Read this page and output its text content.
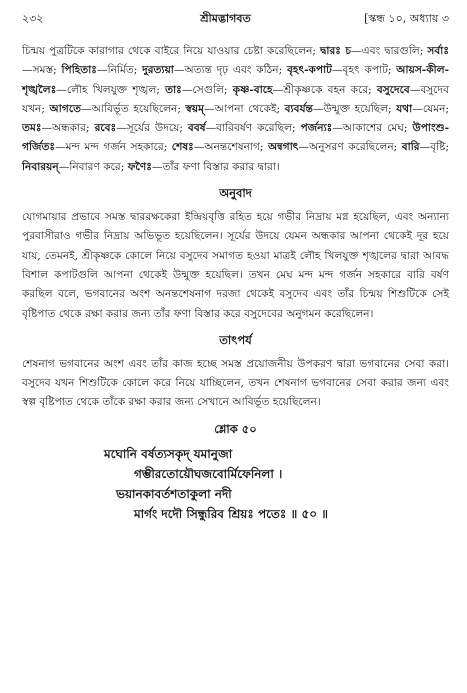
২৩২	শ্রীমদ্ভাগবত	[স্কন্ধ ১০, অধ্যায় ৩
চিন্ময় পুত্রটিকে কারাগার থেকে বাইরে নিয়ে যাওয়ার চেষ্টা করেছিলেন; দ্বারঃ চ—এবং দ্বারগুলি; সর্বাঃ—সমস্ত; পিহিতাঃ—নির্মিত; দুরত্যয়া—অত্যন্ত দৃঢ় এবং কঠিন; বৃহৎ-কপাট—বৃহৎ কপাট; আয়স-কীল-শৃঙ্খলৈঃ—লৌহ খিলযুক্ত শৃঙ্খল; তাঃ—সেগুলি; কৃষ্ণ-বাহে—শ্রীকৃষ্ণকে বহন করে; বসুদেবে—বসুদেব যখন; আগতে—আবির্ভূত হয়েছিলেন; স্বয়ম্—আপনা থেকেই; ব্যবর্যন্ত—উন্মুক্ত হয়েছিল; যথা—যেমন; তমঃ—অন্ধকার; রবেঃ—সূর্যের উদয়ে; ববর্ষ—বারিবর্ষণ করেছিল; পর্জন্যঃ—আকাশের মেঘ; উপাংশু-গর্জিতঃ—মন্দ মন্দ গর্জন সহকারে; শেষঃ—অনন্তশেষনাগ; অন্বগাৎ—অনুসরণ করেছিলেন; বারি—বৃষ্টি; নিবারয়ন্—নিবারণ করে; ফণৈঃ—তাঁর ফণা বিস্তার করার দ্বারা।
অনুবাদ
যোগমায়ার প্রভাবে সমস্ত দ্বাররক্ষকেরা ইন্দ্রিয়বৃত্তি রহিত হয়ে গভীর নিদ্রায় মগ্ন হয়েছিল, এবং অন্যান্য পুরবাসীরাও গভীর নিদ্রায় অভিভূত হয়েছিলেন। সূর্যের উদয়ে যেমন অন্ধকার আপনা থেকেই দূর হয়ে যায়, তেমনই, শ্রীকৃষ্ণকে কোলে নিয়ে বসুদেব সমাগত হওয়া মাত্রই লৌহ খিলযুক্ত শৃঙ্খলের দ্বারা আবদ্ধ বিশাল কপাটগুলি আপনা থেকেই উন্মুক্ত হয়েছিল। তখন মেঘ মন্দ মন্দ গর্জন সহকারে বারি বর্ষণ করছিল বলে, ভগবানের অংশ অনন্তশেষনাগ দরজা থেকেই বসুদেব এবং তাঁর চিন্ময় শিশুটিকে সেই বৃষ্টিপাত থেকে রক্ষা করার জন্য তাঁর ফণা বিস্তার করে বসুদেবের অনুগমন করেছিলেন।
তাৎপর্য
শেষনাগ ভগবানের অংশ এবং তাঁর কাজ হচ্ছে সমস্ত প্রয়োজনীয় উপকরণ দ্বারা ভগবানের সেবা করা। বসুদেব যখন শিশুটিকে কোলে করে নিয়ে যাচ্ছিলেন, তখন শেষনাগ ভগবানের সেবা করার জন্য এবং স্বল্প বৃষ্টিপাত থেকে তাঁকে রক্ষা করার জন্য সেখানে আবির্ভূত হয়েছিলেন।
শ্লোক ৫০
মঘোনি বর্ষত্যসকৃদ্ যমানুজা
গম্ভীরতোয়ৌঘজবোর্মিফেনিলা ।
ভয়ানকাবর্তশতাকুলা নদী
মার্গং দদৌ সিন্ধুরিব শ্রিয়ঃ পতেঃ ॥ ৫০ ॥
